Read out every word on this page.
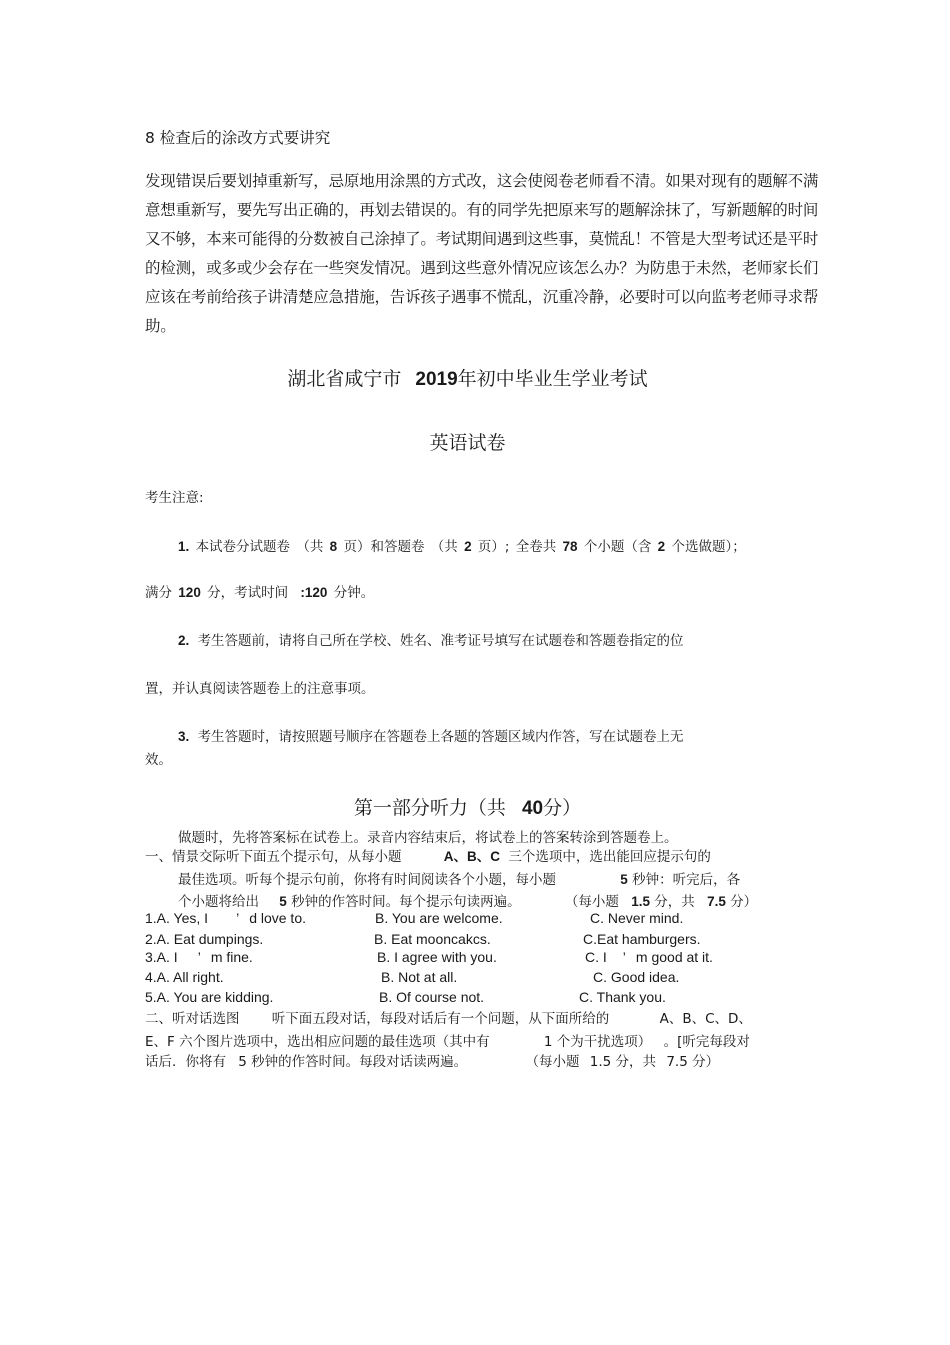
8 检查后的涂改方式要讲究
发现错误后要划掉重新写，忌原地用涂黑的方式改，这会使阅卷老师看不清。如果对现有的题解不满意想重新写，要先写出正确的，再划去错误的。有的同学先把原来写的题解涂抹了，写新题解的时间又不够，本来可能得的分数被自己涂掉了。考试期间遇到这些事，莫慌乱！不管是大型考试还是平时的检测，或多或少会存在一些突发情况。遇到这些意外情况应该怎么办？为防患于未然，老师家长们应该在考前给孩子讲清楚应急措施，告诉孩子遇事不慌乱，沉重冷静，必要时可以向监考老师寻求帮助。
湖北省咸宁市 2019年初中毕业生学业考试
英语试卷
考生注意:
1. 本试卷分试题卷 （共 8 页）和答题卷 （共 2 页）; 全卷共 78 个小题（含 2 个选做题）；
满分 120 分，考试时间 :120 分钟。
2. 考生答题前，请将自己所在学校、姓名、准考证号填写在试题卷和答题卷指定的位
置，并认真阅读答题卷上的注意事项。
3. 考生答题时，请按照题号顺序在答题卷上各题的答题区域内作答，写在试题卷上无
效。
第一部分听力（共 40分）
做题时，先将答案标在试卷上。录音内容结束后，将试卷上的答案转涂到答题卷上。
一、情景交际听下面五个提示句，从每小题	A、B、C 三个选项中，选出能回应提示句的
最佳选项。听每个提示句前，你将有时间阅读各个小题，每小题	5 秒钟：听完后，各
个小题将给出 5 秒钟的作答时间。每个提示句读两遍。	（每小题 1.5 分，共 7.5 分）
1.A. Yes, I ’ d love to.	B. You are welcome.	C. Never mind.
2.A. Eat dumpings.	B. Eat mooncakcs.	C.Eat hamburgers.
3.A. I ’ m fine.	B. I agree with you.	C. I ’ m good at it.
4.A. All right.	B. Not at all.	C. Good idea.
5.A. You are kidding.	B. Of course not.	C. Thank you.
二、听对话选图 听下面五段对话，每段对话后有一个问题，从下面所给的	A、B、C、D、
E、F 六个图片选项中，选出相应问题的最佳选项（其中有	1 个为干扰选项） 。[听完每段对
话后．你将有 5 秒钟的作答时间。每段对话读两遍。	（每小题 1.5 分，共 7.5 分）
